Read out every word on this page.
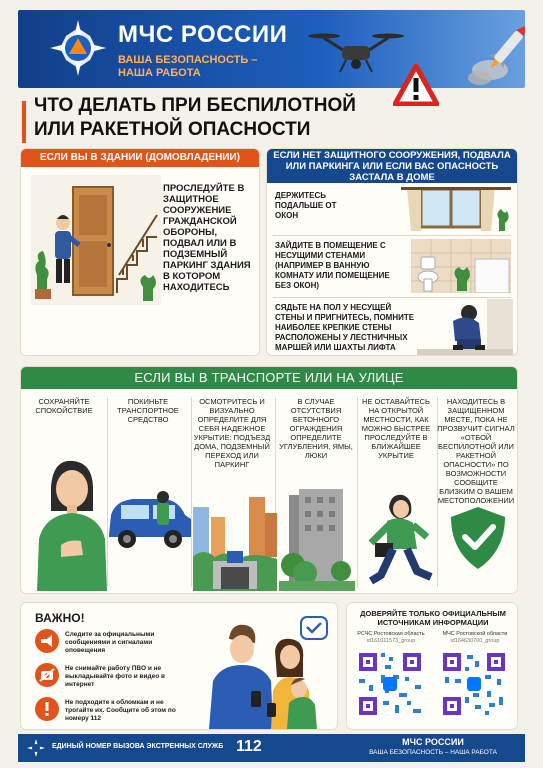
МЧС РОССИИ
ВАША БЕЗОПАСНОСТЬ –
НАША РАБОТА
ЧТО ДЕЛАТЬ ПРИ БЕСПИЛОТНОЙ
ИЛИ РАКЕТНОЙ ОПАСНОСТИ
ЕСЛИ ВЫ В ЗДАНИИ (ДОМОВЛАДЕНИИ)
ПРОСЛЕДУЙТЕ В ЗАЩИТНОЕ СООРУЖЕНИЕ ГРАЖДАНСКОЙ ОБОРОНЫ, ПОДВАЛ ИЛИ В ПОДЗЕМНЫЙ ПАРКИНГ ЗДАНИЯ В КОТОРОМ НАХОДИТЕСЬ
ЕСЛИ НЕТ ЗАЩИТНОГО СООРУЖЕНИЯ, ПОДВАЛА ИЛИ ПАРКИНГА ИЛИ ЕСЛИ ВАС ОПАСНОСТЬ ЗАСТАЛА В ДОМЕ
ДЕРЖИТЕСЬ ПОДАЛЬШЕ ОТ ОКОН
ЗАЙДИТЕ В ПОМЕЩЕНИЕ С НЕСУЩИМИ СТЕНАМИ (НАПРИМЕР В ВАННУЮ КОМНАТУ ИЛИ ПОМЕЩЕНИЕ БЕЗ ОКОН)
СЯДЬТЕ НА ПОЛ У НЕСУЩЕЙ СТЕНЫ И ПРИГНИТЕСЬ, ПОМНИТЕ НАИБОЛЕЕ КРЕПКИЕ СТЕНЫ РАСПОЛОЖЕНЫ У ЛЕСТНИЧНЫХ МАРШЕЙ ИЛИ ШАХТЫ ЛИФТА
ЕСЛИ ВЫ В ТРАНСПОРТЕ ИЛИ НА УЛИЦЕ
СОХРАНЯЙТЕ СПОКОЙСТВИЕ
ПОКИНЬТЕ ТРАНСПОРТНОЕ СРЕДСТВО
ОСМОТРИТЕСЬ И ВИЗУАЛЬНО ОПРЕДЕЛИТЕ ДЛЯ СЕБЯ НАДЕЖНОЕ УКРЫТИЕ: ПОДЪЕЗД ДОМА, ПОДЗЕМНЫЙ ПЕРЕХОД ИЛИ ПАРКИНГ
В СЛУЧАЕ ОТСУТСТВИЯ БЕТОННОГО ОГРАЖДЕНИЯ ОПРЕДЕЛИТЕ УГЛУБЛЕНИЯ, ЯМЫ, ЛЮКИ
НЕ ОСТАВАЙТЕСЬ НА ОТКРЫТОЙ МЕСТНОСТИ, КАК МОЖНО БЫСТРЕЕ ПРОСЛЕДУЙТЕ В БЛИЖАЙШЕЕ УКРЫТИЕ
НАХОДИТЕСЬ В ЗАЩИЩЕННОМ МЕСТЕ, ПОКА НЕ ПРОЗВУЧИТ СИГНАЛ «ОТБОЙ БЕСПИЛОТНОЙ ИЛИ РАКЕТНОЙ ОПАСНОСТИ» ПО ВОЗМОЖНОСТИ СООБЩИТЕ БЛИЗКИМ О ВАШЕМ МЕСТОПОЛОЖЕНИИ
ВАЖНО!
Следите за официальными сообщениями и сигналами оповещения
Не снимайте работу ПВО и не выкладывайте фото и видео в интернет
Не подходите к обломкам и не трогайте их. Сообщите об этом по номеру 112
ДОВЕРЯЙТЕ ТОЛЬКО ОФИЦИАЛЬНЫМ ИСТОЧНИКАМ ИНФОРМАЦИИ
РСЧС Ростовская область
id161011573_group
МЧС Ростовской области
id164630700_group
ЕДИНЫЙ НОМЕР ВЫЗОВА ЭКСТРЕННЫХ СЛУЖБ 112	МЧС РОССИИ
ВАША БЕЗОПАСНОСТЬ – НАША РАБОТА
